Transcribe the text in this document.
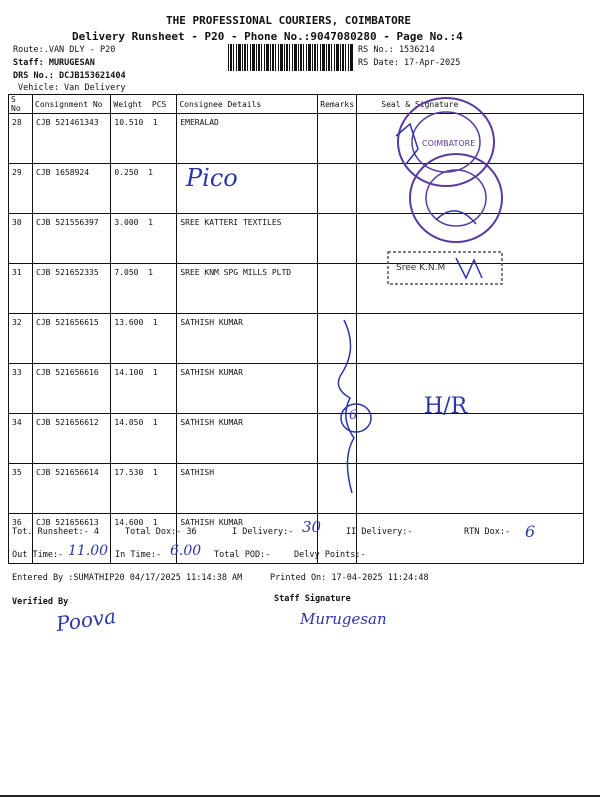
THE PROFESSIONAL COURIERS, COIMBATORE
Delivery Runsheet - P20 - Phone No.:9047080280 - Page No.:4
Route:.VAN DLY - P20
Staff: MURUGESAN
DRS No.: DCJB153621404
Vehicle: Van Delivery
RS No.: 1536214
RS Date: 17-Apr-2025
S No	Consignment No	Weight PCS	Consignee Details	Remarks	Seal & Signature
28	CJB 521461343	10.510 1	EMERALAD		
29	CJB 1658924	0.250 1			
30	CJB 521556397	3.000 1	SREE KATTERI TEXTILES		
31	CJB 521652335	7.050 1	SREE KNM SPG MILLS PLTD		
32	CJB 521656615	13.600 1	SATHISH KUMAR		
33	CJB 521656616	14.100 1	SATHISH KUMAR		
34	CJB 521656612	14.050 1	SATHISH KUMAR		
35	CJB 521656614	17.530 1	SATHISH		
36	CJB 521656613	14.600 1	SATHISH KUMAR		
COIMBATORE
Sree K.N.M
Pico
H/R
6
Tot. Runsheet:- 4	Total Dox:- 36	I Delivery:- 30	II Delivery:-	RTN Dox:- 6
Out Time:- 11.00 In Time:- 6.00 Total POD:-	Delvy Points:-
Entered By :SUMATHIP20 04/17/2025 11:14:38 AM	Printed On: 17-04-2025 11:24:48
Verified By	Staff Signature
Poova	Murugesan
